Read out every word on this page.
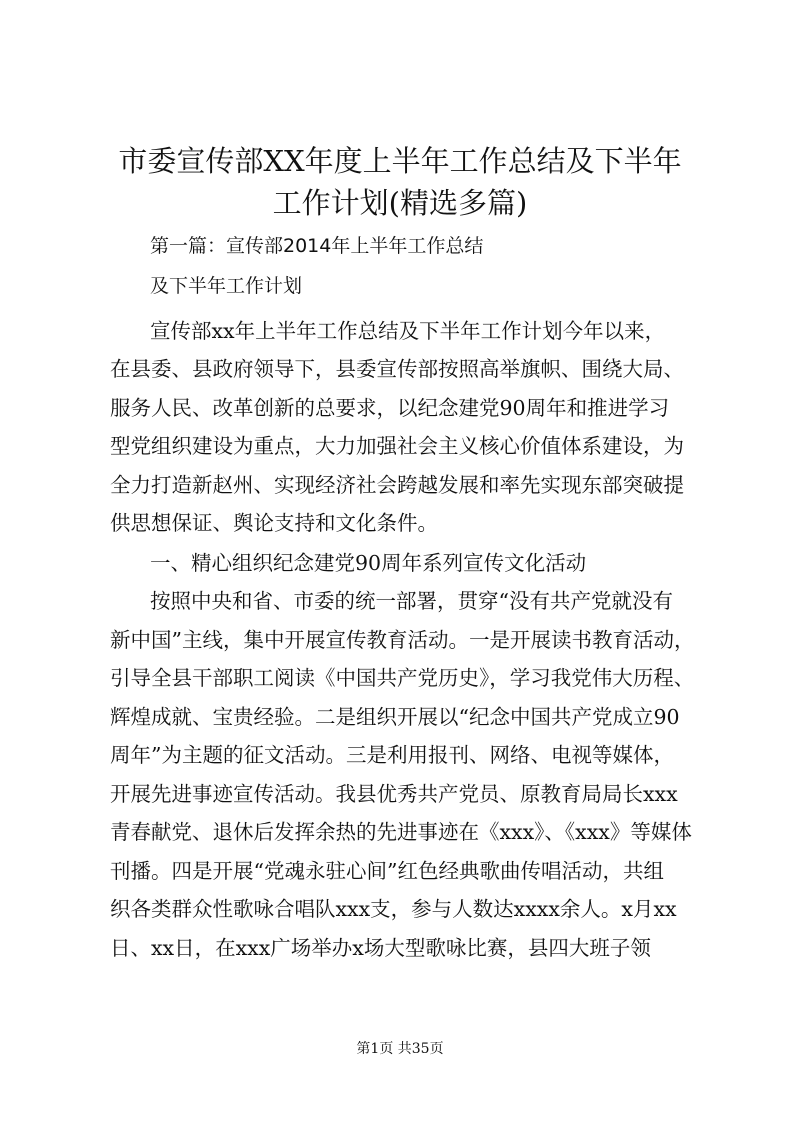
市委宣传部XX年度上半年工作总结及下半年
工作计划(精选多篇)
第一篇：宣传部2014年上半年工作总结
及下半年工作计划
宣传部xx年上半年工作总结及下半年工作计划今年以来，
在县委、县政府领导下，县委宣传部按照高举旗帜、围绕大局、
服务人民、改革创新的总要求，以纪念建党90周年和推进学习
型党组织建设为重点，大力加强社会主义核心价值体系建设，为
全力打造新赵州、实现经济社会跨越发展和率先实现东部突破提
供思想保证、舆论支持和文化条件。
一、精心组织纪念建党90周年系列宣传文化活动
按照中央和省、市委的统一部署，贯穿“没有共产党就没有
新中国”主线，集中开展宣传教育活动。一是开展读书教育活动，
引导全县干部职工阅读《中国共产党历史》，学习我党伟大历程、
辉煌成就、宝贵经验。二是组织开展以“纪念中国共产党成立90
周年”为主题的征文活动。三是利用报刊、网络、电视等媒体，
开展先进事迹宣传活动。我县优秀共产党员、原教育局局长xxx
青春献党、退休后发挥余热的先进事迹在《xxx》、《xxx》等媒体
刊播。四是开展“党魂永驻心间”红色经典歌曲传唱活动，共组
织各类群众性歌咏合唱队xxx支，参与人数达xxxx余人。x月xx
日、xx日，在xxx广场举办x场大型歌咏比赛，县四大班子领
第1页 共35页
